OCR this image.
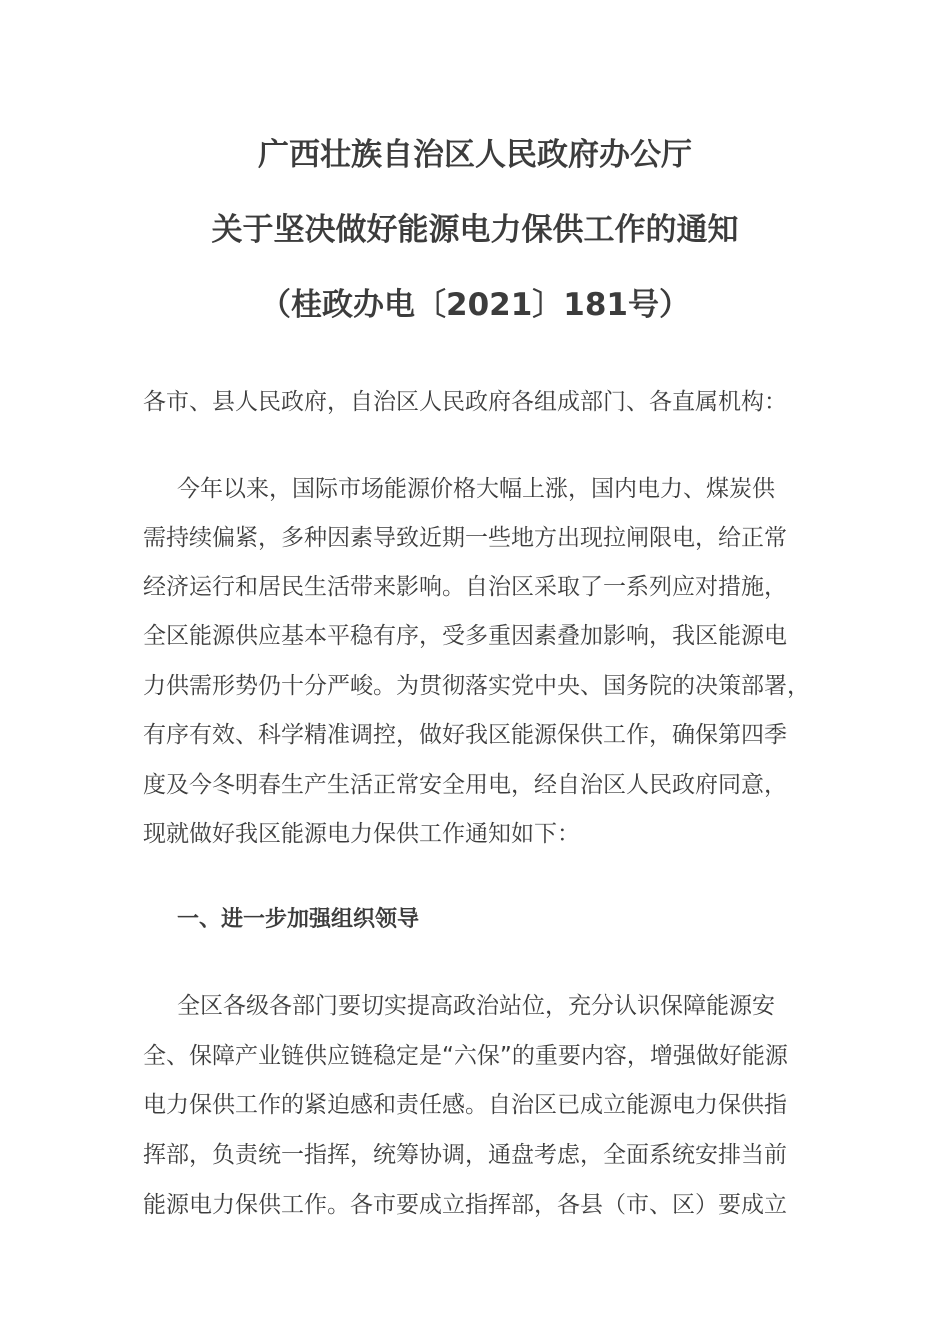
广西壮族自治区人民政府办公厅
关于坚决做好能源电力保供工作的通知
（桂政办电〔2021〕181号）
各市、县人民政府，自治区人民政府各组成部门、各直属机构：
今年以来，国际市场能源价格大幅上涨，国内电力、煤炭供
需持续偏紧，多种因素导致近期一些地方出现拉闸限电，给正常
经济运行和居民生活带来影响。自治区采取了一系列应对措施，
全区能源供应基本平稳有序，受多重因素叠加影响，我区能源电
力供需形势仍十分严峻。为贯彻落实党中央、国务院的决策部署，
有序有效、科学精准调控，做好我区能源保供工作，确保第四季
度及今冬明春生产生活正常安全用电，经自治区人民政府同意，
现就做好我区能源电力保供工作通知如下：
一、进一步加强组织领导
全区各级各部门要切实提高政治站位，充分认识保障能源安
全、保障产业链供应链稳定是“六保”的重要内容，增强做好能源
电力保供工作的紧迫感和责任感。自治区已成立能源电力保供指
挥部，负责统一指挥，统筹协调，通盘考虑，全面系统安排当前
能源电力保供工作。各市要成立指挥部，各县（市、区）要成立
